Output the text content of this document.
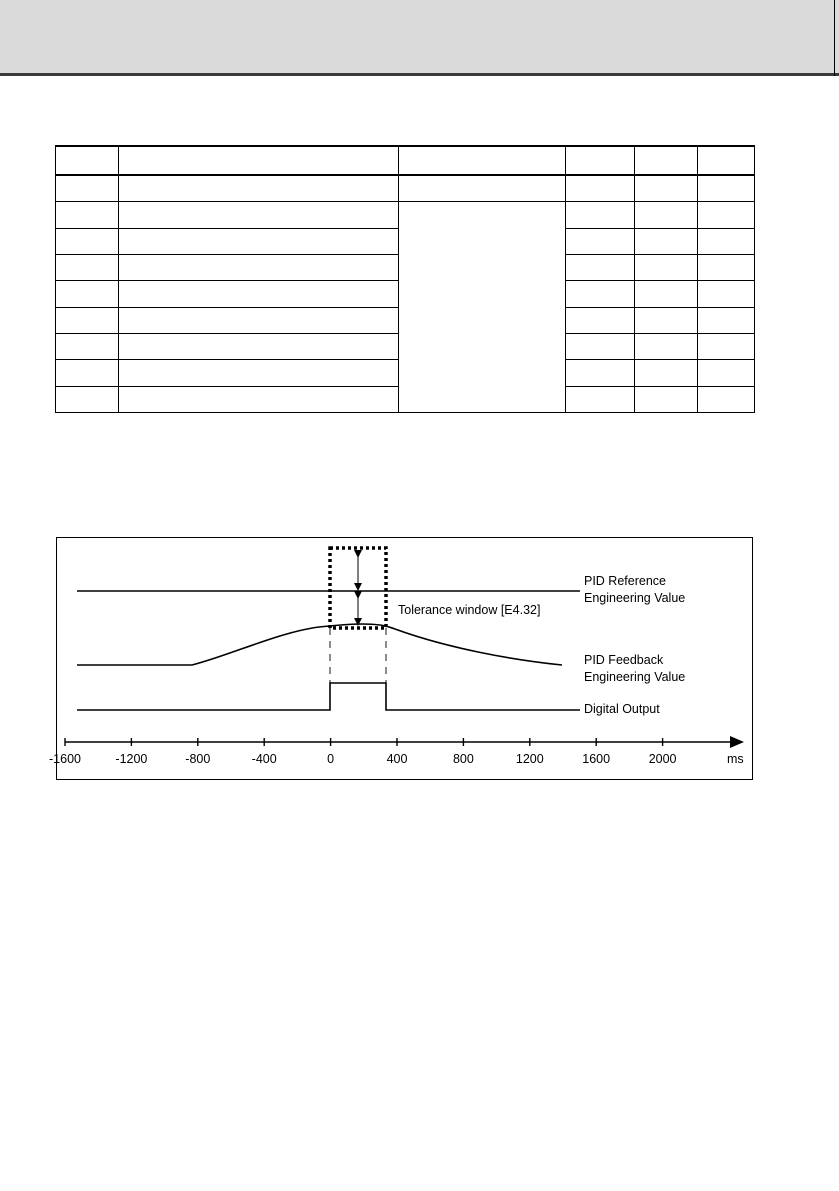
PID Reference
Engineering Value
Tolerance window [E4.32]
PID Feedback
Engineering Value
Digital Output
-1600	-1200	-800	-400	0	400	800	1200	1600	2000	ms
